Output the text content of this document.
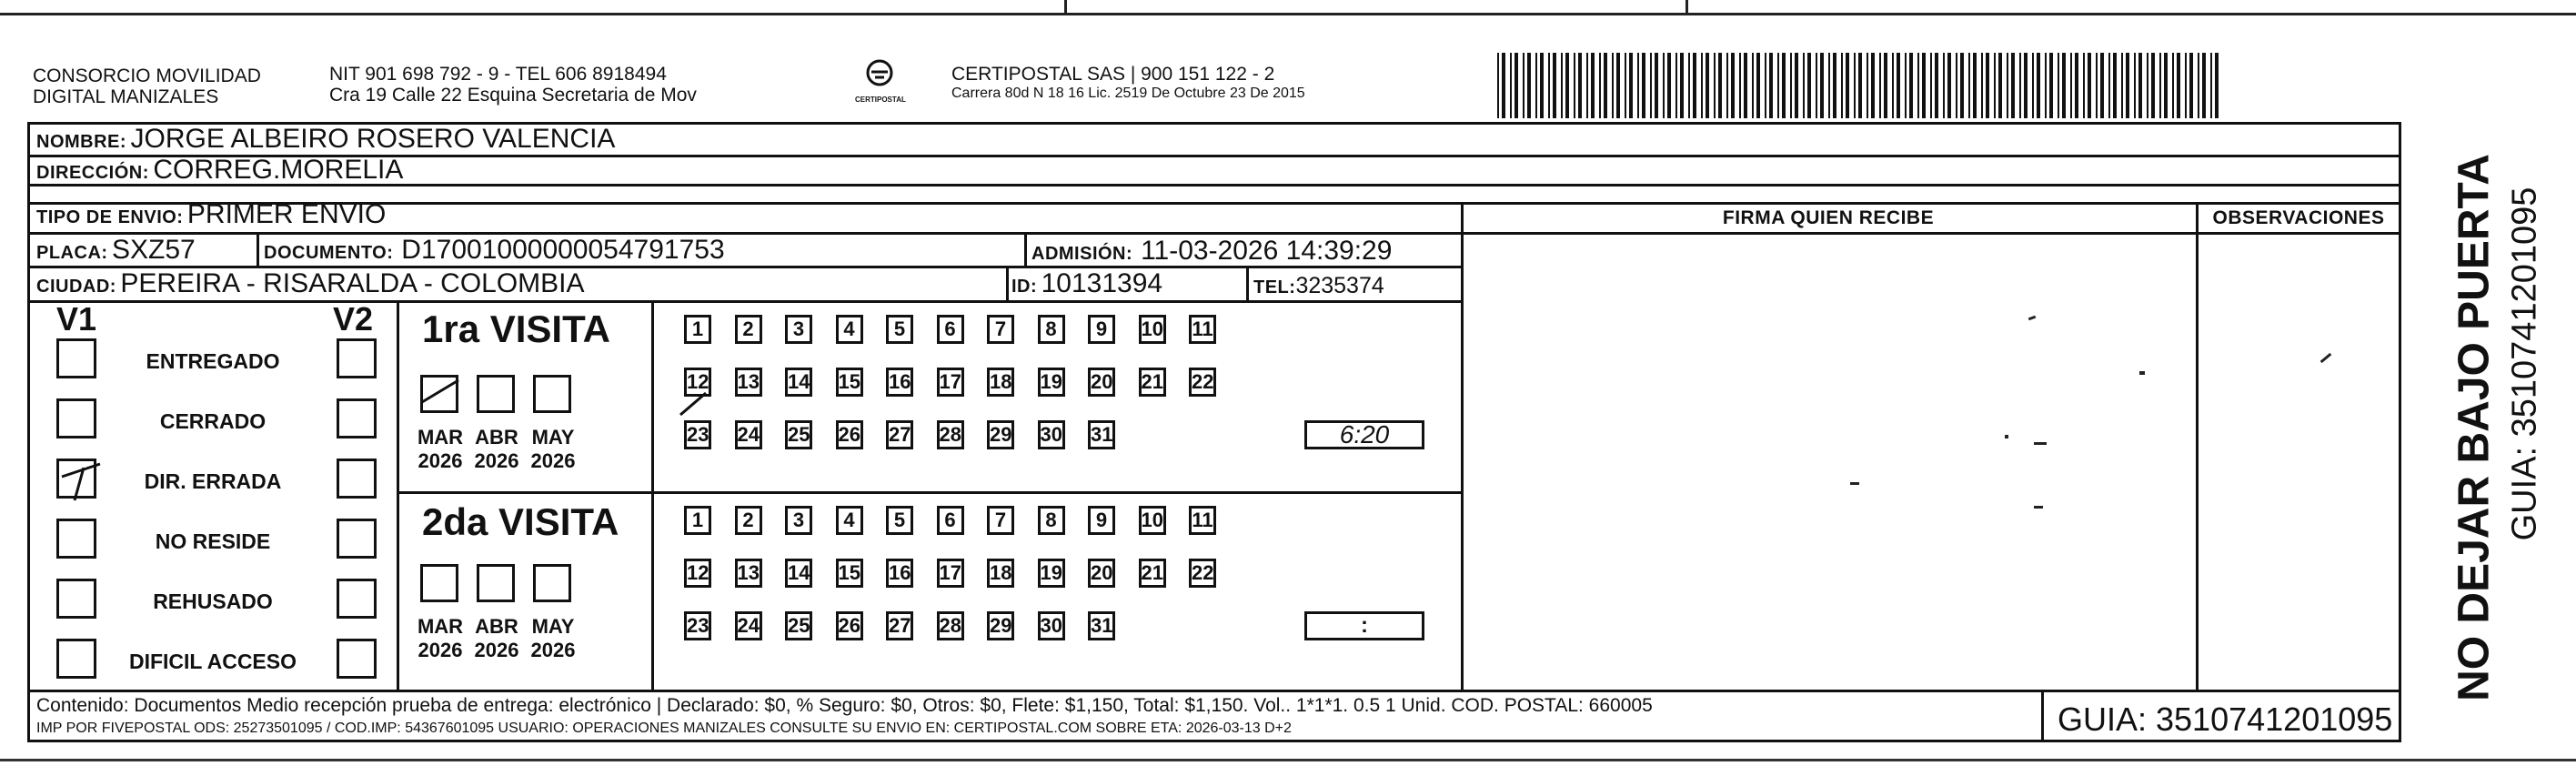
CONSORCIO MOVILIDAD
DIGITAL MANIZALES
NIT 901 698 792 - 9 - TEL 606 8918494
Cra 19 Calle 22 Esquina Secretaria de Mov	CERTIPOSTAL
CERTIPOSTAL SAS | 900 151 122 - 2
Carrera 80d N 18 16 Lic. 2519 De Octubre 23 De 2015
NOMBRE: JORGE ALBEIRO ROSERO VALENCIA
DIRECCIÓN: CORREG.MORELIA
TIPO DE ENVIO: PRIMER ENVIO	FIRMA QUIEN RECIBE	OBSERVACIONES
PLACA: SXZ57	DOCUMENTO: D17001000000054791753	ADMISIÓN: 11-03-2026 14:39:29
CIUDAD: PEREIRA - RISARALDA - COLOMBIA	ID: 10131394	TEL:3235374
V1	V2
ENTREGADO
CERRADO
DIR. ERRADA
NO RESIDE
REHUSADO
DIFICIL ACCESO
1ra VISITA
2da VISITA
MAR
2026
ABR
2026
MAY
2026
MAR
2026
ABR
2026
MAY
2026
1	2	3	4	5	6	7	8	9	10 11
12 13 14 15 16 17 18 19 20 21 22
23 24 25 26 27 28 29 30 31	6:20
1	2	3	4	5	6	7	8	9	10 11
12 13 14 15 16 17 18 19 20 21 22
23 24 25 26 27 28 29 30 31	:	NO DEJAR BAJO PUERTA GUIA: 3510741201095
Contenido: Documentos Medio recepción prueba de entrega: electrónico | Declarado: $0, % Seguro: $0, Otros: $0, Flete: $1,150, Total: $1,150. Vol.. 1*1*1. 0.5 1 Unid. COD. POSTAL: 660005
IMP POR FIVEPOSTAL ODS: 25273501095 / COD.IMP: 54367601095 USUARIO: OPERACIONES MANIZALES CONSULTE SU ENVIO EN: CERTIPOSTAL.COM SOBRE ETA: 2026-03-13 D+2	GUIA: 3510741201095
